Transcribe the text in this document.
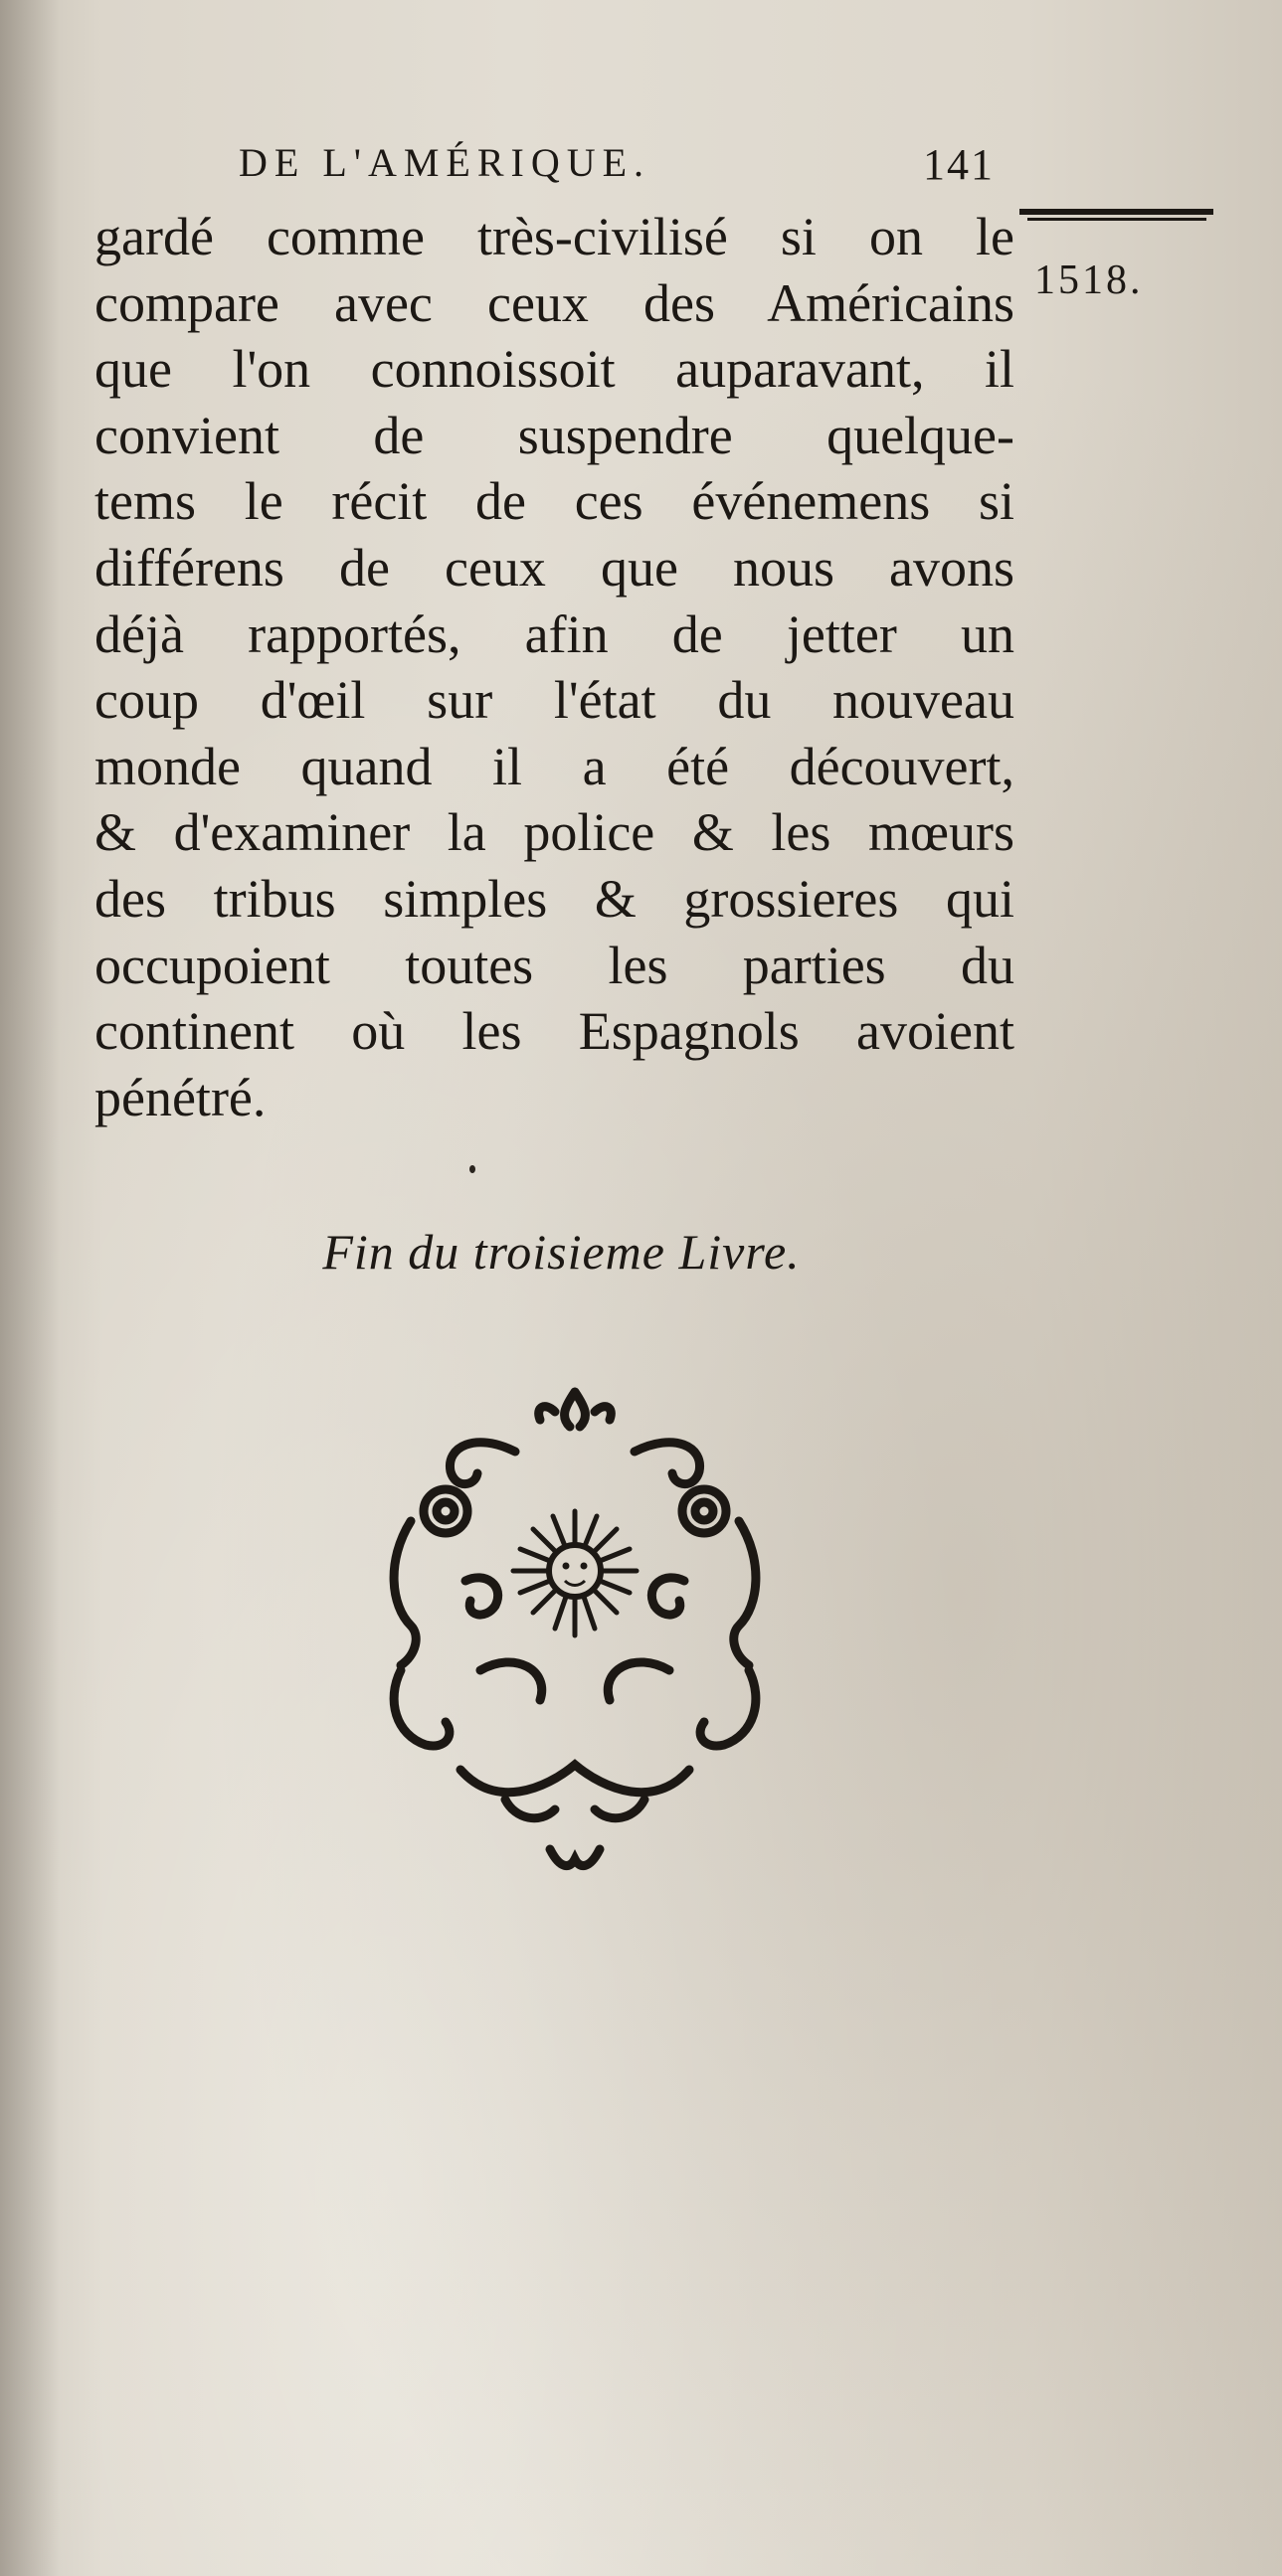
DE L'AMÉRIQUE.	141
1518.
gardé comme très-civilisé si on le
compare avec ceux des Américains
que l'on connoissoit auparavant, il
convient de suspendre quelque-
tems le récit de ces événemens si
différens de ceux que nous avons
déjà rapportés, afin de jetter un
coup d'œil sur l'état du nouveau
monde quand il a été découvert,
& d'examiner la police & les mœurs
des tribus simples & grossieres qui
occupoient toutes les parties du
continent où les Espagnols avoient
pénétré.
Fin du troisieme Livre.
